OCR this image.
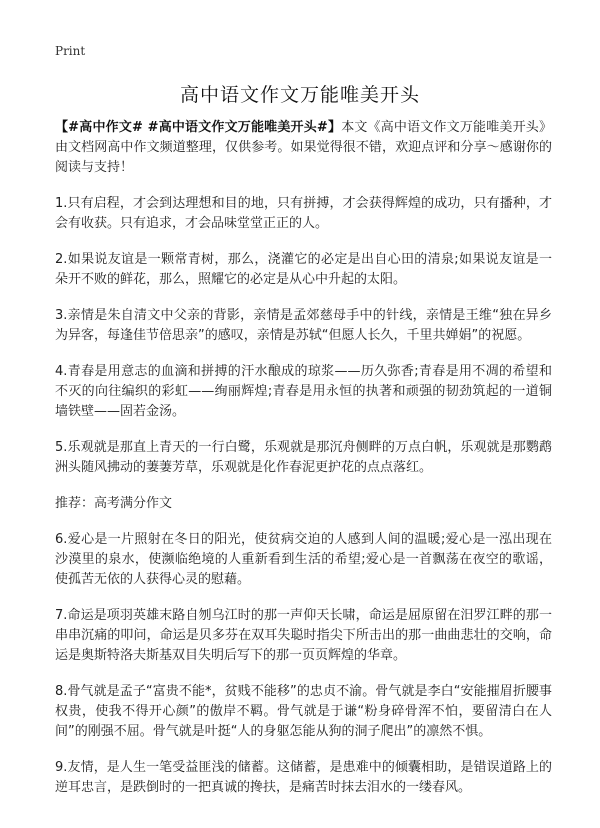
Print
高中语文作文万能唯美开头

【#高中作文# #高中语文作文万能唯美开头#】本文《高中语文作文万能唯美开头》由文档网高中作文频道整理，仅供参考。如果觉得很不错，欢迎点评和分享～感谢你的阅读与支持！

1.只有启程，才会到达理想和目的地，只有拼搏，才会获得辉煌的成功，只有播种，才会有收获。只有追求，才会品味堂堂正正的人。

2.如果说友谊是一颗常青树，那么，浇灌它的必定是出自心田的清泉;如果说友谊是一朵开不败的鲜花，那么，照耀它的必定是从心中升起的太阳。

3.亲情是朱自清文中父亲的背影，亲情是孟郊慈母手中的针线，亲情是王维“独在异乡为异客，每逢佳节倍思亲”的感叹，亲情是苏轼“但愿人长久，千里共婵娟”的祝愿。

4.青春是用意志的血滴和拼搏的汗水酿成的琼浆——历久弥香;青春是用不凋的希望和不灭的向往编织的彩虹——绚丽辉煌;青春是用永恒的执著和顽强的韧劲筑起的一道铜墙铁壁——固若金汤。

5.乐观就是那直上青天的一行白鹭，乐观就是那沉舟侧畔的万点白帆，乐观就是那鹦鹉洲头随风拂动的萋萋芳草，乐观就是化作春泥更护花的点点落红。

推荐：高考满分作文

6.爱心是一片照射在冬日的阳光，使贫病交迫的人感到人间的温暖;爱心是一泓出现在沙漠里的泉水，使濒临绝境的人重新看到生活的希望;爱心是一首飘荡在夜空的歌谣，使孤苦无依的人获得心灵的慰藉。

7.命运是项羽英雄末路自刎乌江时的那一声仰天长啸，命运是屈原留在汨罗江畔的那一串串沉痛的叩问，命运是贝多芬在双耳失聪时指尖下所击出的那一曲曲悲壮的交响，命运是奥斯特洛夫斯基双目失明后写下的那一页页辉煌的华章。

8.骨气就是孟子“富贵不能*，贫贱不能移”的忠贞不渝。骨气就是李白“安能摧眉折腰事权贵，使我不得开心颜”的傲岸不羁。骨气就是于谦“粉身碎骨浑不怕，要留清白在人间”的刚强不屈。骨气就是叶挺“人的身躯怎能从狗的洞子爬出”的凛然不惧。

9.友情，是人生一笔受益匪浅的储蓄。这储蓄，是患难中的倾囊相助，是错误道路上的逆耳忠言，是跌倒时的一把真诚的搀扶，是痛苦时抹去泪水的一缕春风。
